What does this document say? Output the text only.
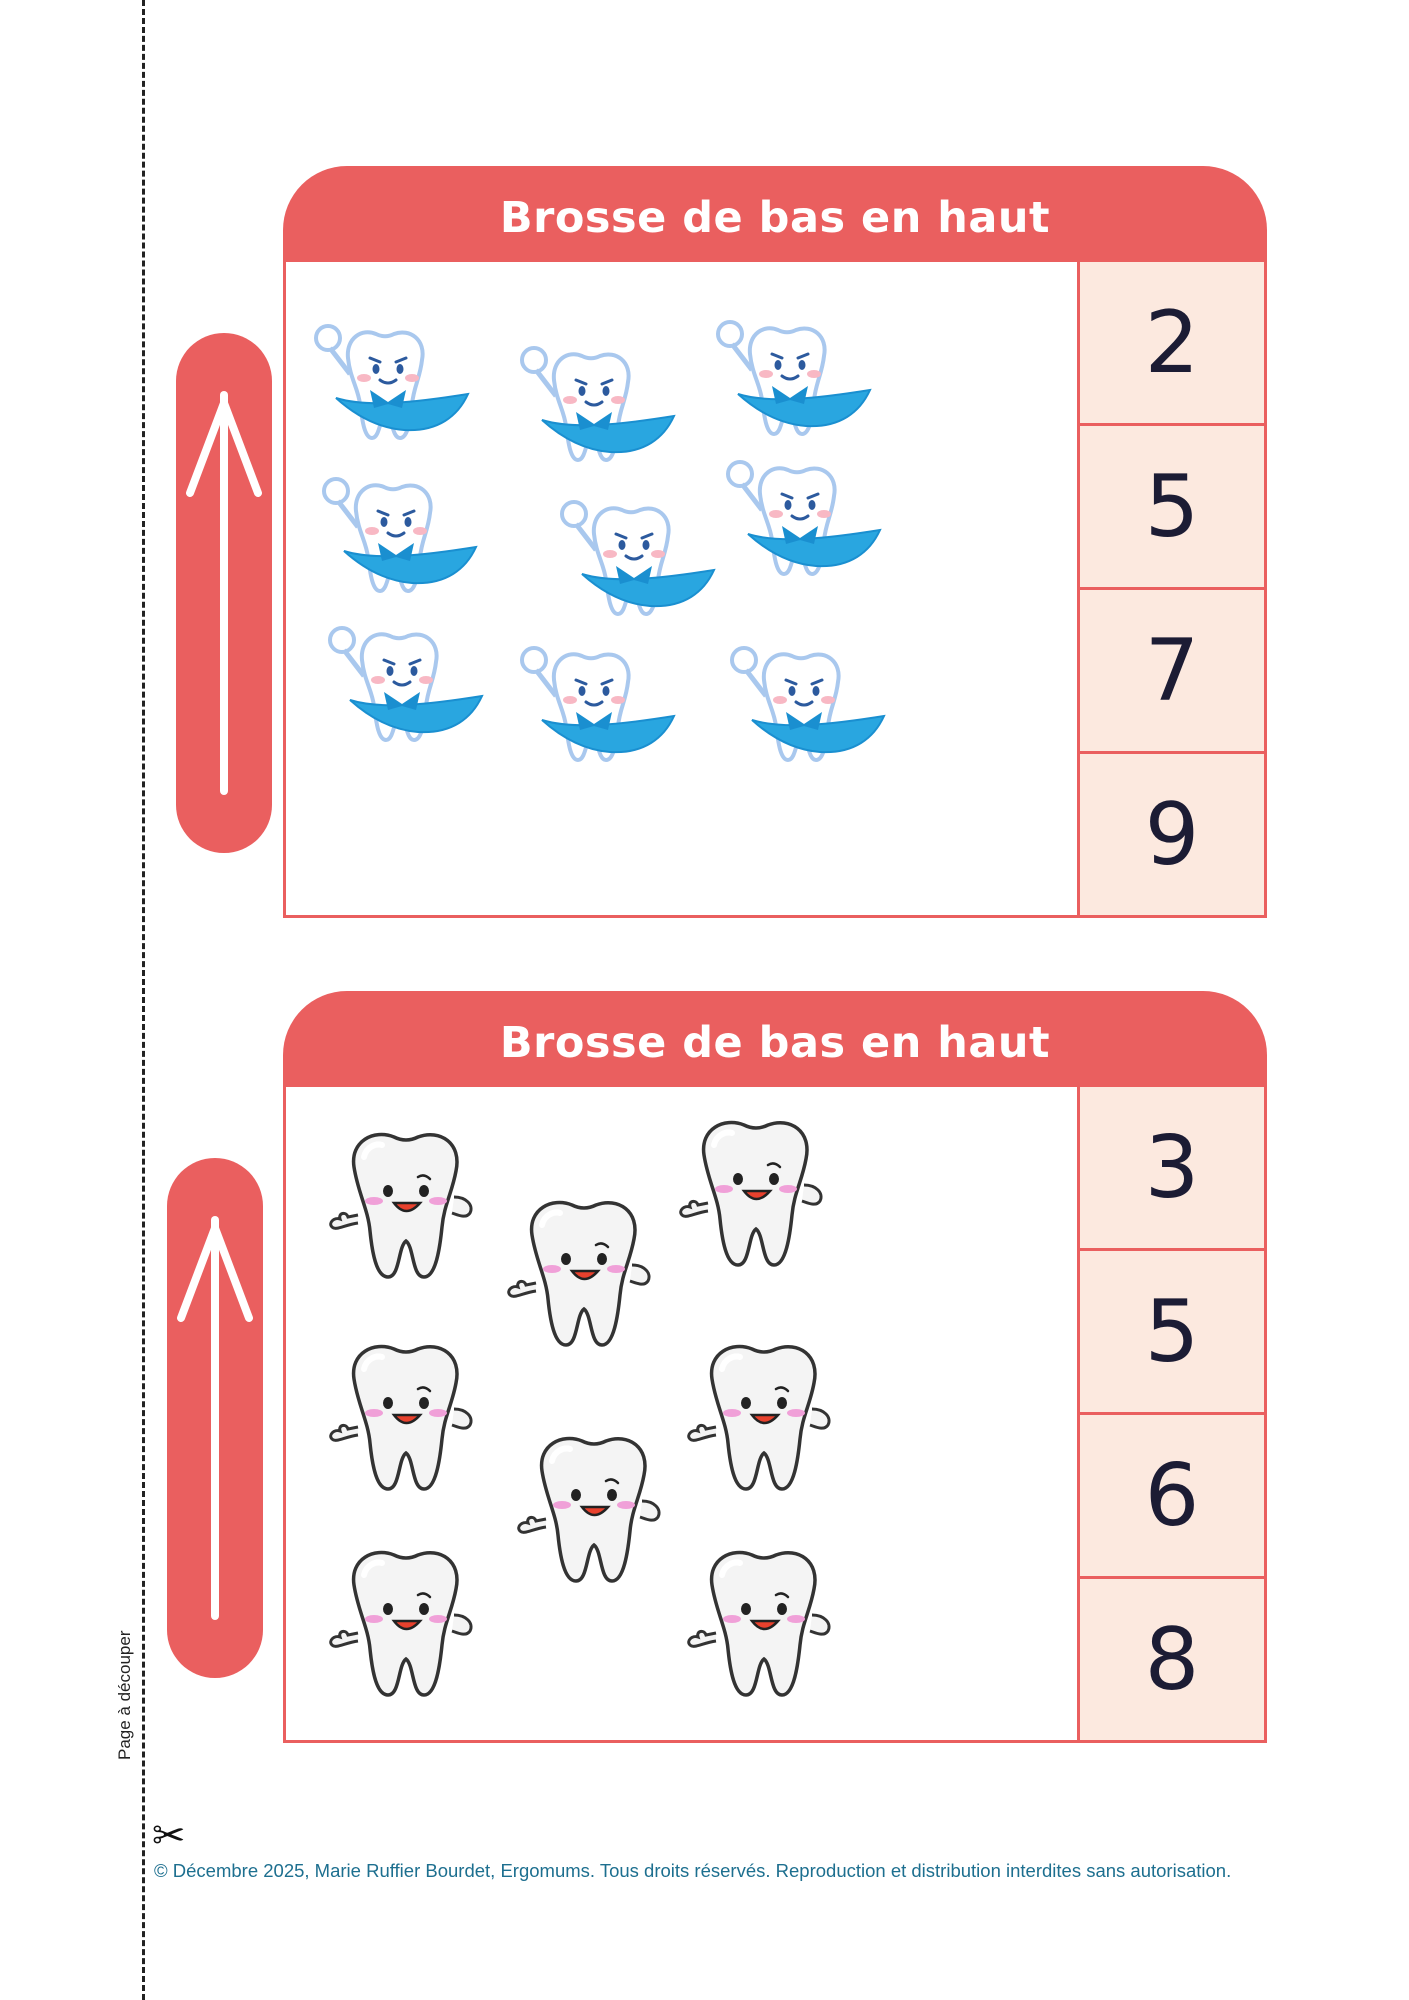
Page à découper
✂
Brosse de bas en haut
2
5
7
9
Brosse de bas en haut
3
5
6
8
© Décembre 2025, Marie Ruffier Bourdet, Ergomums. Tous droits réservés. Reproduction et distribution interdites sans autorisation.
